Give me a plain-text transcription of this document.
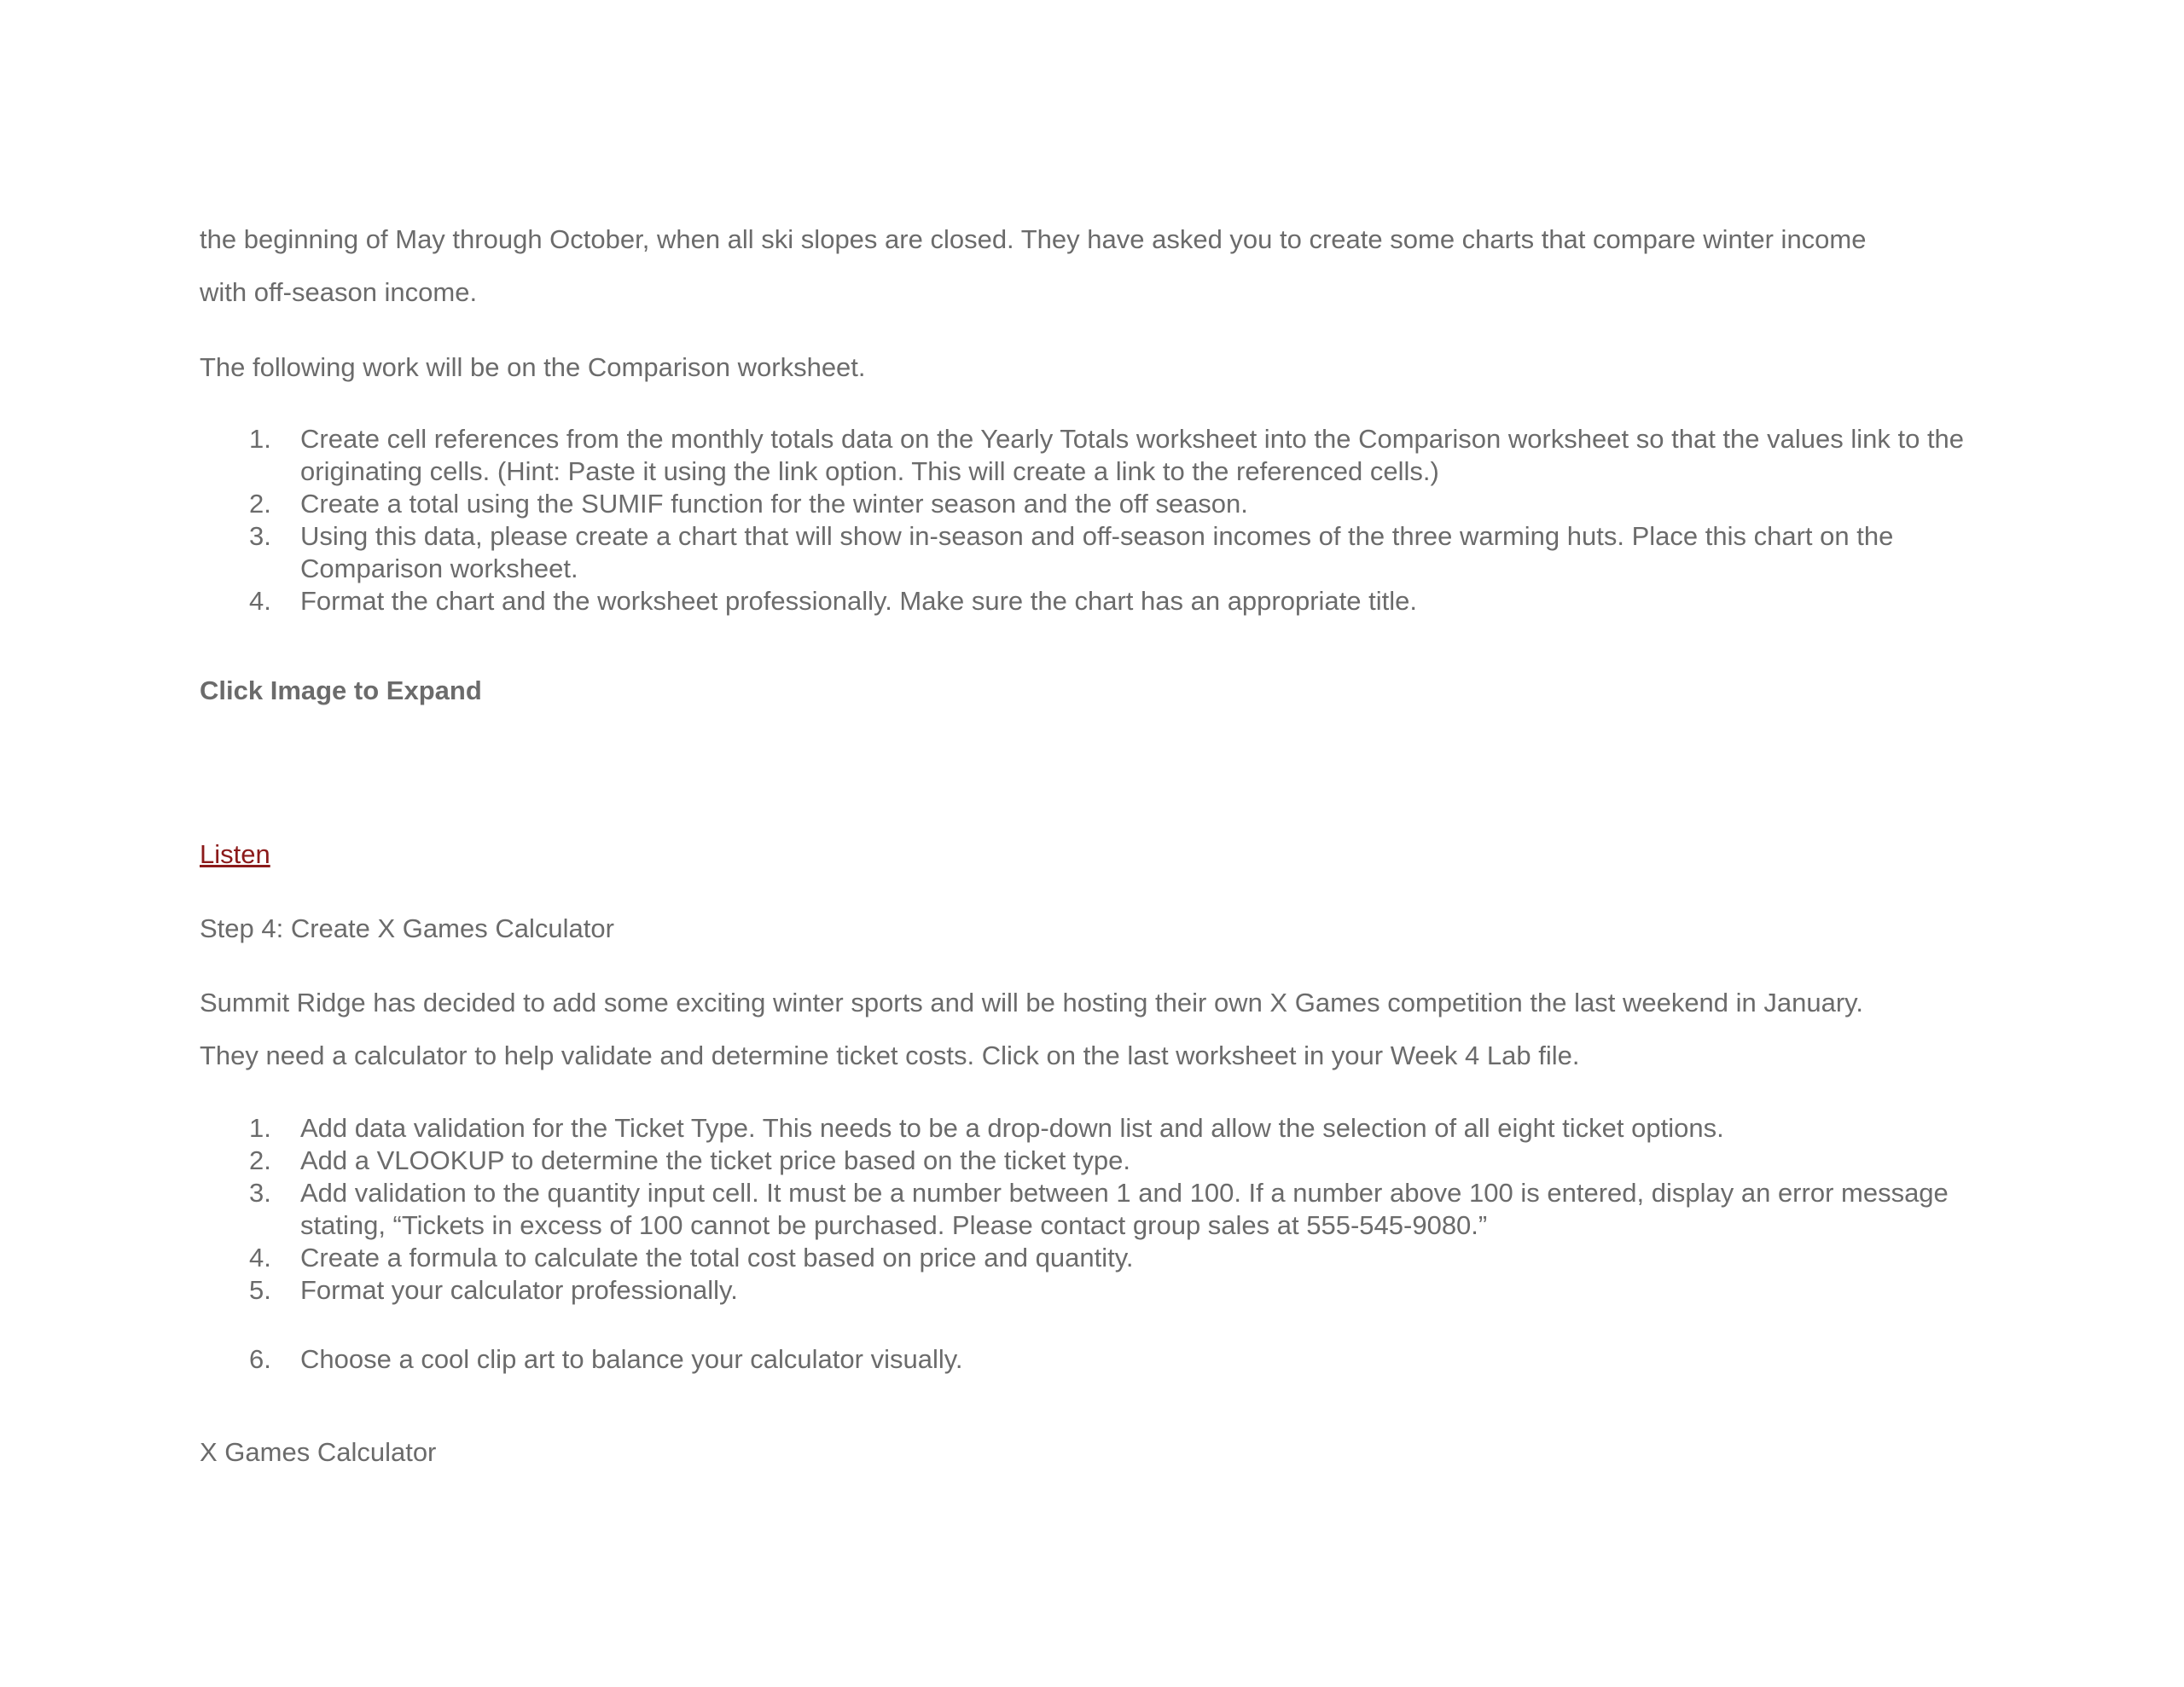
the beginning of May through October, when all ski slopes are closed. They have asked you to create some charts that compare winter income
with off-season income.

The following work will be on the Comparison worksheet.

1. Create cell references from the monthly totals data on the Yearly Totals worksheet into the Comparison worksheet so that the values link to the originating cells. (Hint: Paste it using the link option. This will create a link to the referenced cells.)
2. Create a total using the SUMIF function for the winter season and the off season.
3. Using this data, please create a chart that will show in-season and off-season incomes of the three warming huts. Place this chart on the Comparison worksheet.
4. Format the chart and the worksheet professionally. Make sure the chart has an appropriate title.

Click Image to Expand

Listen

Step 4: Create X Games Calculator

Summit Ridge has decided to add some exciting winter sports and will be hosting their own X Games competition the last weekend in January.
They need a calculator to help validate and determine ticket costs. Click on the last worksheet in your Week 4 Lab file.
1. Add data validation for the Ticket Type. This needs to be a drop-down list and allow the selection of all eight ticket options.
2. Add a VLOOKUP to determine the ticket price based on the ticket type.
3. Add validation to the quantity input cell. It must be a number between 1 and 100. If a number above 100 is entered, display an error message stating, “Tickets in excess of 100 cannot be purchased. Please contact group sales at 555-545-9080.”
4. Create a formula to calculate the total cost based on price and quantity.
5. Format your calculator professionally.
6. Choose a cool clip art to balance your calculator visually.

X Games Calculator
